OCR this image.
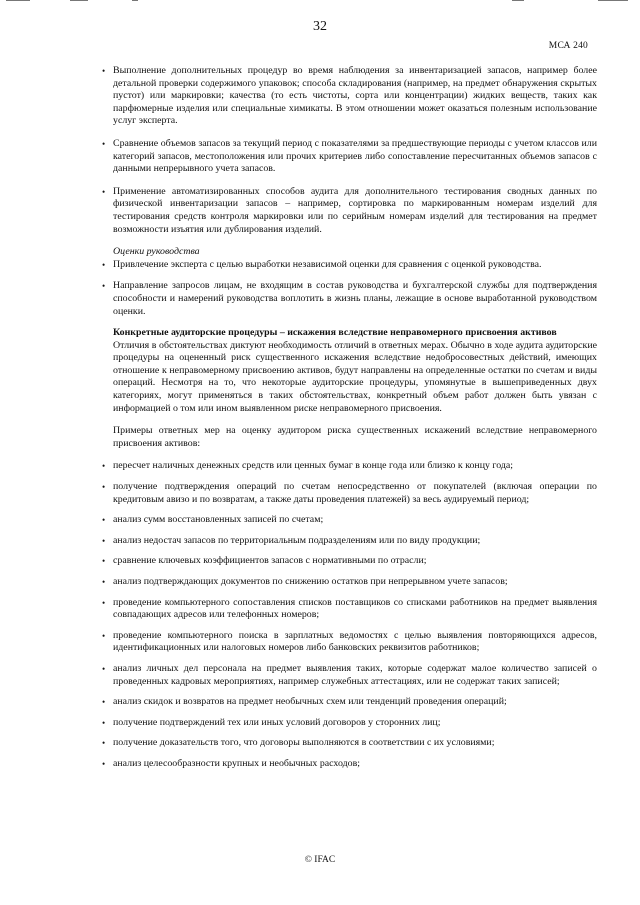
32
МСА 240
• Выполнение дополнительных процедур во время наблюдения за инвентаризацией запасов, например более детальной проверки содержимого упаковок; способа складирования (например, на предмет обнаружения скрытых пустот) или маркировки; качества (то есть чистоты, сорта или концентрации) жидких веществ, таких как парфюмерные изделия или специальные химикаты. В этом отношении может оказаться полезным использование услуг эксперта.
• Сравнение объемов запасов за текущий период с показателями за предшествующие периоды с учетом классов или категорий запасов, местоположения или прочих критериев либо сопоставление пересчитанных объемов запасов с данными непрерывного учета запасов.
• Применение автоматизированных способов аудита для дополнительного тестирования сводных данных по физической инвентаризации запасов – например, сортировка по маркированным номерам изделий для тестирования средств контроля маркировки или по серийным номерам изделий для тестирования на предмет возможности изъятия или дублирования изделий.

Оценки руководства

• Привлечение эксперта с целью выработки независимой оценки для сравнения с оценкой руководства.
• Направление запросов лицам, не входящим в состав руководства и бухгалтерской службы для подтверждения способности и намерений руководства воплотить в жизнь планы, лежащие в основе выработанной руководством оценки.

Конкретные аудиторские процедуры – искажения вследствие неправомерного присвоения активов

Отличия в обстоятельствах диктуют необходимость отличий в ответных мерах. Обычно в ходе аудита аудиторские процедуры на оцененный риск существенного искажения вследствие недобросовестных действий, имеющих отношение к неправомерному присвоению активов, будут направлены на определенные остатки по счетам и виды операций. Несмотря на то, что некоторые аудиторские процедуры, упомянутые в вышеприведенных двух категориях, могут применяться в таких обстоятельствах, конкретный объем работ должен быть увязан с информацией о том или ином выявленном риске неправомерного присвоения.

Примеры ответных мер на оценку аудитором риска существенных искажений вследствие неправомерного присвоения активов:

• пересчет наличных денежных средств или ценных бумаг в конце года или близко к концу года;
• получение подтверждения операций по счетам непосредственно от покупателей (включая операции по кредитовым авизо и по возвратам, а также даты проведения платежей) за весь аудируемый период;
• анализ сумм восстановленных записей по счетам;
• анализ недостач запасов по территориальным подразделениям или по виду продукции;
• сравнение ключевых коэффициентов запасов с нормативными по отрасли;
• анализ подтверждающих документов по снижению остатков при непрерывном учете запасов;
• проведение компьютерного сопоставления списков поставщиков со списками работников на предмет выявления совпадающих адресов или телефонных номеров;
• проведение компьютерного поиска в зарплатных ведомостях с целью выявления повторяющихся адресов, идентификационных или налоговых номеров либо банковских реквизитов работников;
• анализ личных дел персонала на предмет выявления таких, которые содержат малое количество записей о проведенных кадровых мероприятиях, например служебных аттестациях, или не содержат таких записей;
• анализ скидок и возвратов на предмет необычных схем или тенденций проведения операций;
• получение подтверждений тех или иных условий договоров у сторонних лиц;
• получение доказательств того, что договоры выполняются в соответствии с их условиями;
• анализ целесообразности крупных и необычных расходов;
© IFAC
